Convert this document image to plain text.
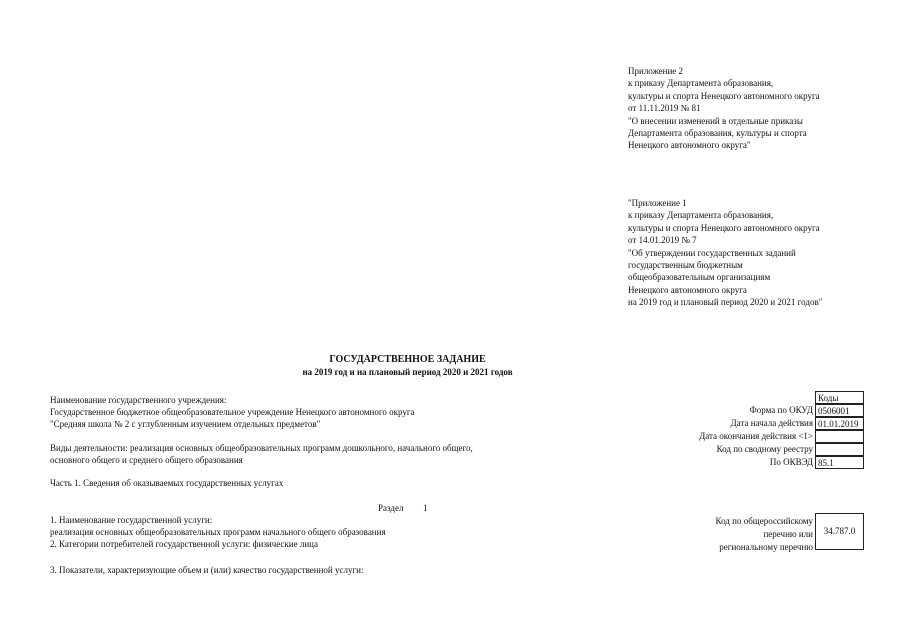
Приложение 2
к приказу Департамента образования,
культуры и спорта Ненецкого автономного округа
от 11.11.2019 № 81
"О внесении изменений в отдельные приказы
Департамента образования, культуры и спорта
Ненецкого автономного округа"
"Приложение 1
к приказу Департамента образования,
культуры и спорта Ненецкого автономного округа
от 14.01.2019 № 7
"Об утверждении государственных заданий
государственным бюджетным
общеобразовательным организациям
Ненецкого автономного округа
на 2019 год и плановый период 2020 и 2021 годов"
ГОСУДАРСТВЕННОЕ ЗАДАНИЕ
на 2019 год и на плановый период 2020 и 2021 годов
Наименование государственного учреждения:
Государственное бюджетное общеобразовательное учреждение Ненецкого автономного округа
"Средняя школа № 2 с углубленным изучением отдельных предметов"
Виды деятельности: реализация основных общеобразовательных программ дошкольного, начального общего,
основного общего и среднего общего образования
Часть 1. Сведения об оказываемых государственных услугах
Раздел 1
1. Наименование государственной услуги:
реализация основных общеобразовательных программ начального общего образования
2. Категории потребителей государственной услуги: физические лица
3. Показатели, характеризующие объем и (или) качество государственной услуги:
Коды
Форма по ОКУД 0506001
Дата начала действия 01.01.2019
Дата окончания действия <1>
Код по сводному реестру
По ОКВЭД 85.1
Код по общероссийскому
перечню или
региональному перечню
34.787.0
